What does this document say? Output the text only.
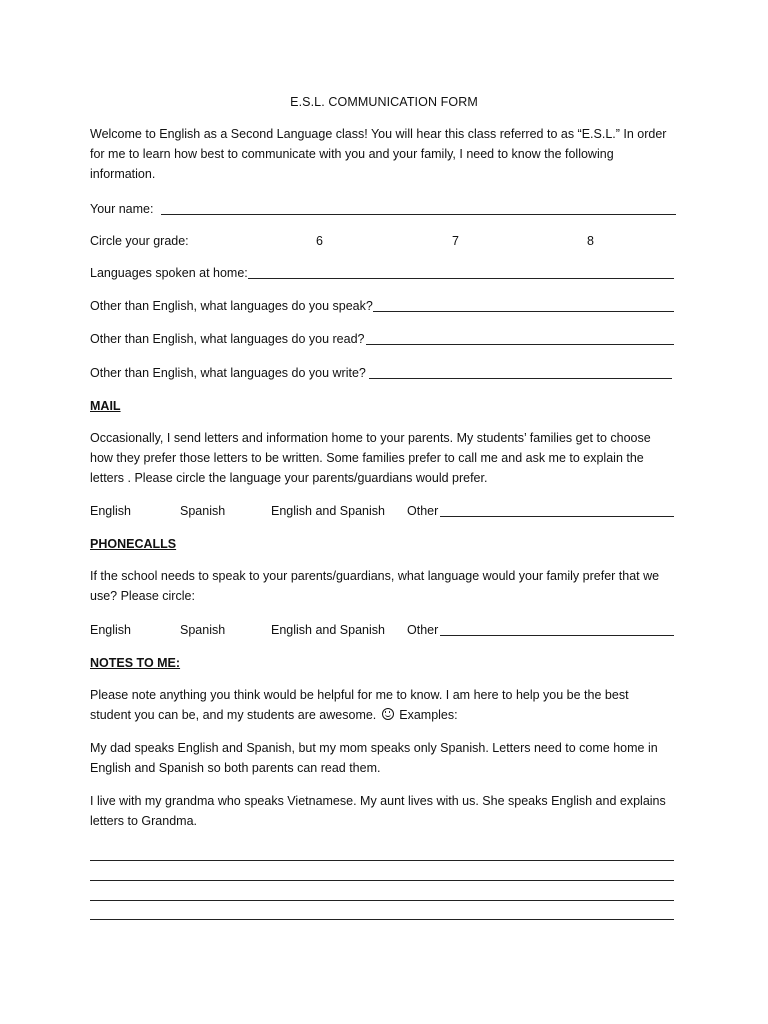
E.S.L. COMMUNICATION FORM

Welcome to English as a Second Language class! You will hear this class referred to as “E.S.L.” In order

for me to learn how best to communicate with you and your family, I need to know the following

information.

Your name:
Circle your grade:	6	7	8
Languages spoken at home:
Other than English, what languages do you speak?
Other than English, what languages do you read?
Other than English, what languages do you write?
MAIL

Occasionally, I send letters and information home to your parents. My students’ families get to choose

how they prefer those letters to be written. Some families prefer to call me and ask me to explain the

letters . Please circle the language your parents/guardians would prefer.

English	Spanish	English and Spanish Other
PHONECALLS

If the school needs to speak to your parents/guardians, what language would your family prefer that we

use? Please circle:

English	Spanish	English and Spanish Other
NOTES TO ME:

Please note anything you think would be helpful for me to know. I am here to help you be the best

student you can be, and my students are awesome. Examples:

My dad speaks English and Spanish, but my mom speaks only Spanish. Letters need to come home in

English and Spanish so both parents can read them.

I live with my grandma who speaks Vietnamese. My aunt lives with us. She speaks English and explains

letters to Grandma.
